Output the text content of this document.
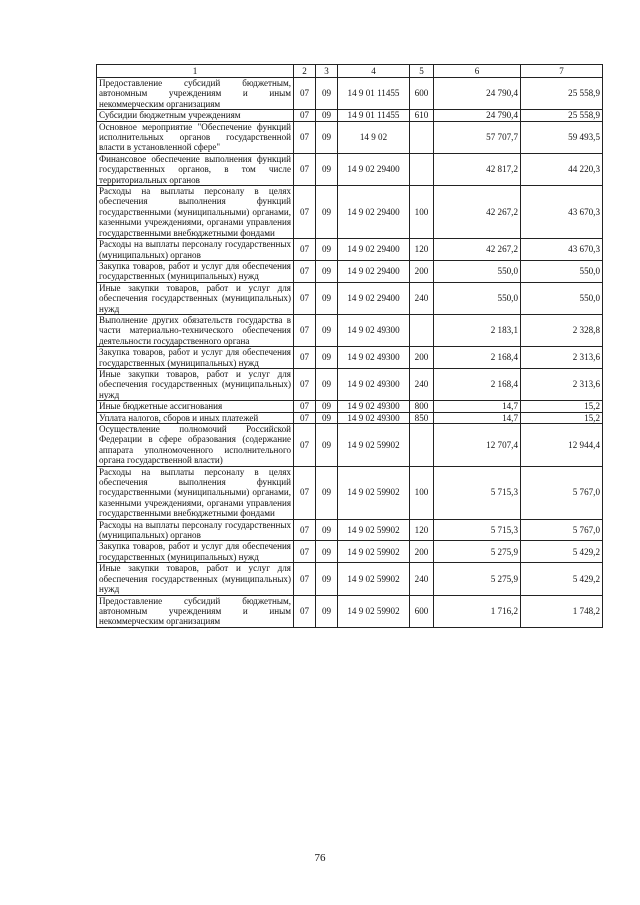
1	2	3	4	5	6	7
Предоставление субсидий бюджетным, автономным учреждениям и иным некоммерческим организациям	07	09	14 9 01 11455	600	24 790,4	25 558,9
Субсидии бюджетным учреждениям	07	09	14 9 01 11455	610	24 790,4	25 558,9
Основное мероприятие "Обеспечение функций исполнительных органов государственной власти в установленной сфере"	07	09	14 9 02		57 707,7	59 493,5
Финансовое обеспечение выполнения функций государственных органов, в том числе территориальных органов	07	09	14 9 02 29400		42 817,2	44 220,3
Расходы на выплаты персоналу в целях обеспечения выполнения функций государственными (муниципальными) органами, казенными учреждениями, органами управления государственными внебюджетными фондами	07	09	14 9 02 29400	100	42 267,2	43 670,3
Расходы на выплаты персоналу государственных (муниципальных) органов	07	09	14 9 02 29400	120	42 267,2	43 670,3
Закупка товаров, работ и услуг для обеспечения государственных (муниципальных) нужд	07	09	14 9 02 29400	200	550,0	550,0
Иные закупки товаров, работ и услуг для обеспечения государственных (муниципальных) нужд	07	09	14 9 02 29400	240	550,0	550,0
Выполнение других обязательств государства в части материально-технического обеспечения деятельности государственного органа	07	09	14 9 02 49300		2 183,1	2 328,8
Закупка товаров, работ и услуг для обеспечения государственных (муниципальных) нужд	07	09	14 9 02 49300	200	2 168,4	2 313,6
Иные закупки товаров, работ и услуг для обеспечения государственных (муниципальных) нужд	07	09	14 9 02 49300	240	2 168,4	2 313,6
Иные бюджетные ассигнования	07	09	14 9 02 49300	800	14,7	15,2
Уплата налогов, сборов и иных платежей	07	09	14 9 02 49300	850	14,7	15,2
Осуществление полномочий Российской Федерации в сфере образования (содержание аппарата уполномоченного исполнительного органа государственной власти)	07	09	14 9 02 59902		12 707,4	12 944,4
Расходы на выплаты персоналу в целях обеспечения выполнения функций государственными (муниципальными) органами, казенными учреждениями, органами управления государственными внебюджетными фондами	07	09	14 9 02 59902	100	5 715,3	5 767,0
Расходы на выплаты персоналу государственных (муниципальных) органов	07	09	14 9 02 59902	120	5 715,3	5 767,0
Закупка товаров, работ и услуг для обеспечения государственных (муниципальных) нужд	07	09	14 9 02 59902	200	5 275,9	5 429,2
Иные закупки товаров, работ и услуг для обеспечения государственных (муниципальных) нужд	07	09	14 9 02 59902	240	5 275,9	5 429,2
Предоставление субсидий бюджетным, автономным учреждениям и иным некоммерческим организациям	07	09	14 9 02 59902	600	1 716,2	1 748,2
76
